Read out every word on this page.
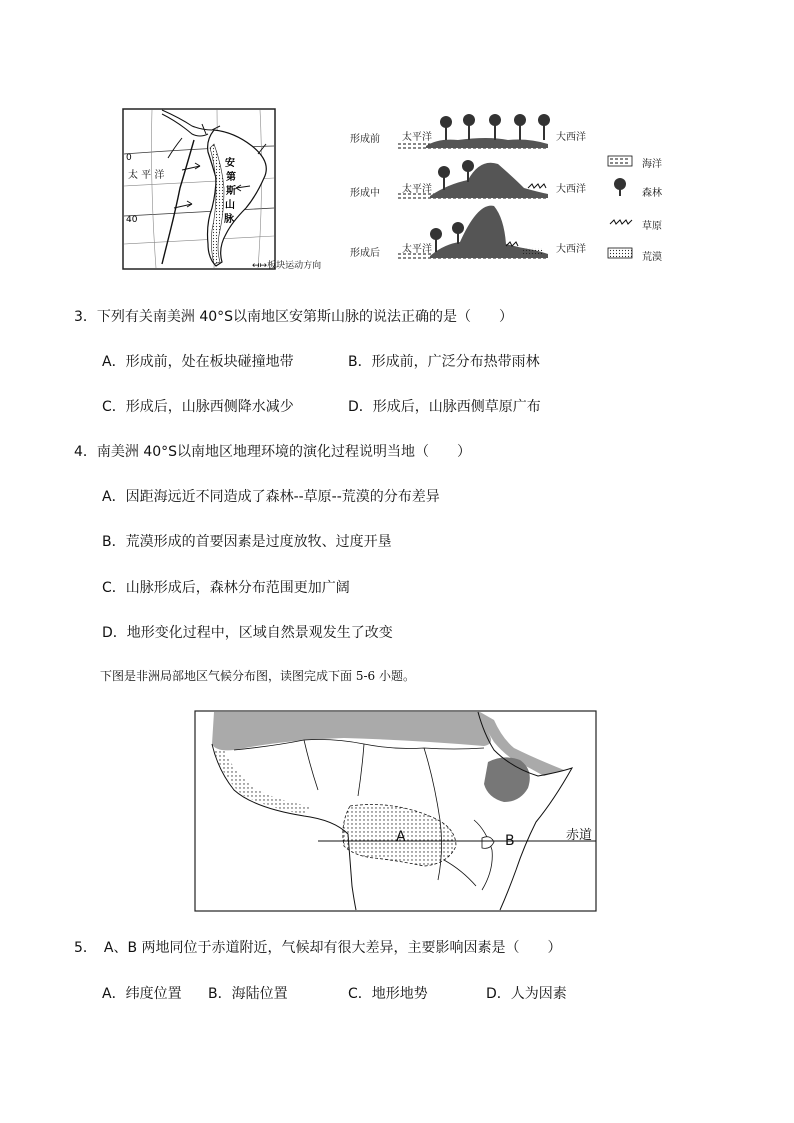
0
40
太 平 洋
安
第
斯
山
脉
↤↦板块运动方向
形成前 太平洋	大西洋
形成中 太平洋	大西洋
形成后 太平洋	大西洋
海洋
森林
草原
荒漠
3．下列有关南美洲 40°S以南地区安第斯山脉的说法正确的是（　　）
A．形成前，处在板块碰撞地带	B．形成前，广泛分布热带雨林
C．形成后，山脉西侧降水减少	D．形成后，山脉西侧草原广布
4．南美洲 40°S以南地区地理环境的演化过程说明当地（　　）
A．因距海远近不同造成了森林--草原--荒漠的分布差异
B．荒漠形成的首要因素是过度放牧、过度开垦
C．山脉形成后，森林分布范围更加广阔
D．地形变化过程中，区域自然景观发生了改变
下图是非洲局部地区气候分布图，读图完成下面 5-6 小题。
A	B	赤道
5．　A、B 两地同位于赤道附近，气候却有很大差异，主要影响因素是（　　）
A．纬度位置 B．海陆位置	C．地形地势	D．人为因素
